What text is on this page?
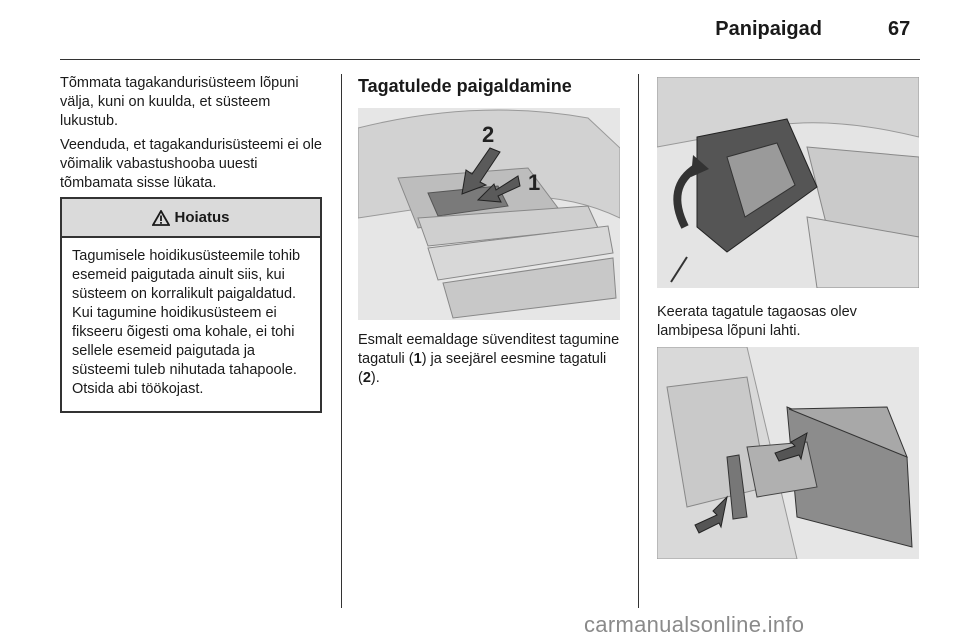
Panipaigad	67

Tõmmata tagakandurisüsteem lõpuni välja, kuni on kuulda, et süsteem lukustub.

Veenduda, et tagakandurisüsteemi ei ole võimalik vabastushooba uuesti tõmbamata sisse lükata.

Hoiatus
Tagumisele hoidikusüsteemile tohib esemeid paigutada ainult siis, kui süsteem on korralikult paigaldatud. Kui tagumine hoidikusüsteem ei fikseeru õigesti oma kohale, ei tohi sellele esemeid paigutada ja süsteemi tuleb nihutada tahapoole. Otsida abi töökojast.
Tagatulede paigaldamine
2
1

Esmalt eemaldage süvenditest tagumine tagatuli (1) ja seejärel eesmine tagatuli (2).

Keerata tagatule tagaosas olev lambipesa lõpuni lahti.

carmanualsonline.info
